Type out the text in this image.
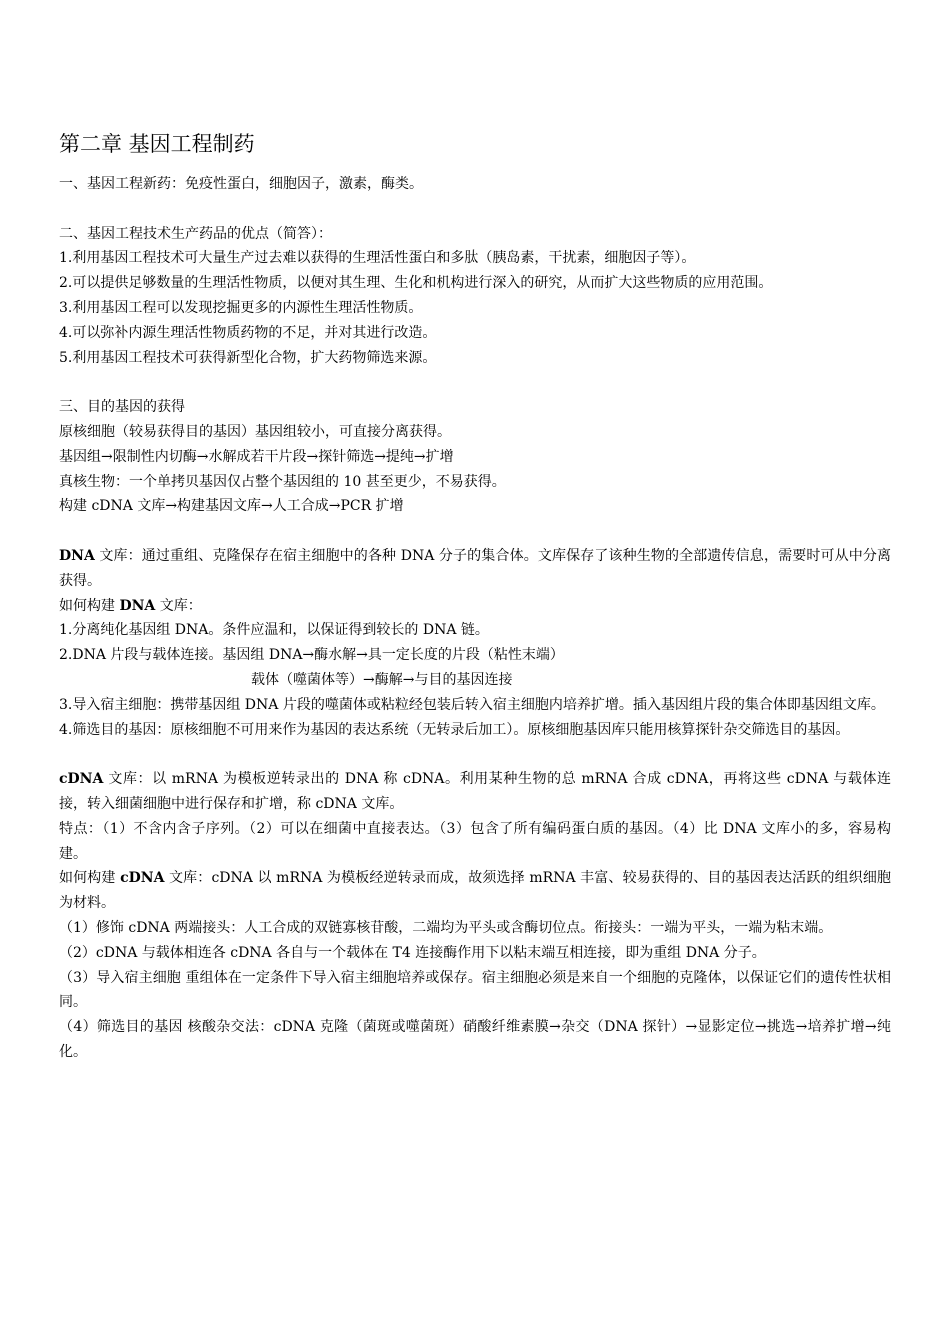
第二章 基因工程制药

一、基因工程新药：免疫性蛋白，细胞因子，激素，酶类。

二、基因工程技术生产药品的优点（简答）：

1.利用基因工程技术可大量生产过去难以获得的生理活性蛋白和多肽（胰岛素，干扰素，细胞因子等）。

2.可以提供足够数量的生理活性物质，以便对其生理、生化和机构进行深入的研究，从而扩大这些物质的应用范围。

3.利用基因工程可以发现挖掘更多的内源性生理活性物质。

4.可以弥补内源生理活性物质药物的不足，并对其进行改造。

5.利用基因工程技术可获得新型化合物，扩大药物筛选来源。

三、目的基因的获得

原核细胞（较易获得目的基因）基因组较小，可直接分离获得。

基因组→限制性内切酶→水解成若干片段→探针筛选→提纯→扩增

真核生物：一个单拷贝基因仅占整个基因组的 10 甚至更少，不易获得。

构建 cDNA 文库→构建基因文库→人工合成→PCR 扩增

DNA 文库：通过重组、克隆保存在宿主细胞中的各种 DNA 分子的集合体。文库保存了该种生物的全部遗传信息，需要时可从中分离获得。

如何构建 DNA 文库：

1.分离纯化基因组 DNA。条件应温和，以保证得到较长的 DNA 链。

2.DNA 片段与载体连接。基因组 DNA→酶水解→具一定长度的片段（粘性末端）

载体（噬菌体等）→酶解→与目的基因连接

3.导入宿主细胞：携带基因组 DNA 片段的噬菌体或粘粒经包装后转入宿主细胞内培养扩增。插入基因组片段的集合体即基因组文库。

4.筛选目的基因：原核细胞不可用来作为基因的表达系统（无转录后加工）。原核细胞基因库只能用核算探针杂交筛选目的基因。

cDNA 文库：以 mRNA 为模板逆转录出的 DNA 称 cDNA。利用某种生物的总 mRNA 合成 cDNA，再将这些 cDNA 与载体连接，转入细菌细胞中进行保存和扩增，称 cDNA 文库。

特点：（1）不含内含子序列。（2）可以在细菌中直接表达。（3）包含了所有编码蛋白质的基因。（4）比 DNA 文库小的多，容易构建。

如何构建 cDNA 文库：cDNA 以 mRNA 为模板经逆转录而成，故须选择 mRNA 丰富、较易获得的、目的基因表达活跃的组织细胞为材料。

（1）修饰 cDNA 两端接头：人工合成的双链寡核苷酸，二端均为平头或含酶切位点。衔接头：一端为平头，一端为粘末端。

（2）cDNA 与载体相连各 cDNA 各自与一个载体在 T4 连接酶作用下以粘末端互相连接，即为重组 DNA 分子。

（3）导入宿主细胞 重组体在一定条件下导入宿主细胞培养或保存。宿主细胞必须是来自一个细胞的克隆体，以保证它们的遗传性状相同。

（4）筛选目的基因 核酸杂交法：cDNA 克隆（菌斑或噬菌斑）硝酸纤维素膜→杂交（DNA 探针）→显影定位→挑选→培养扩增→纯化。
